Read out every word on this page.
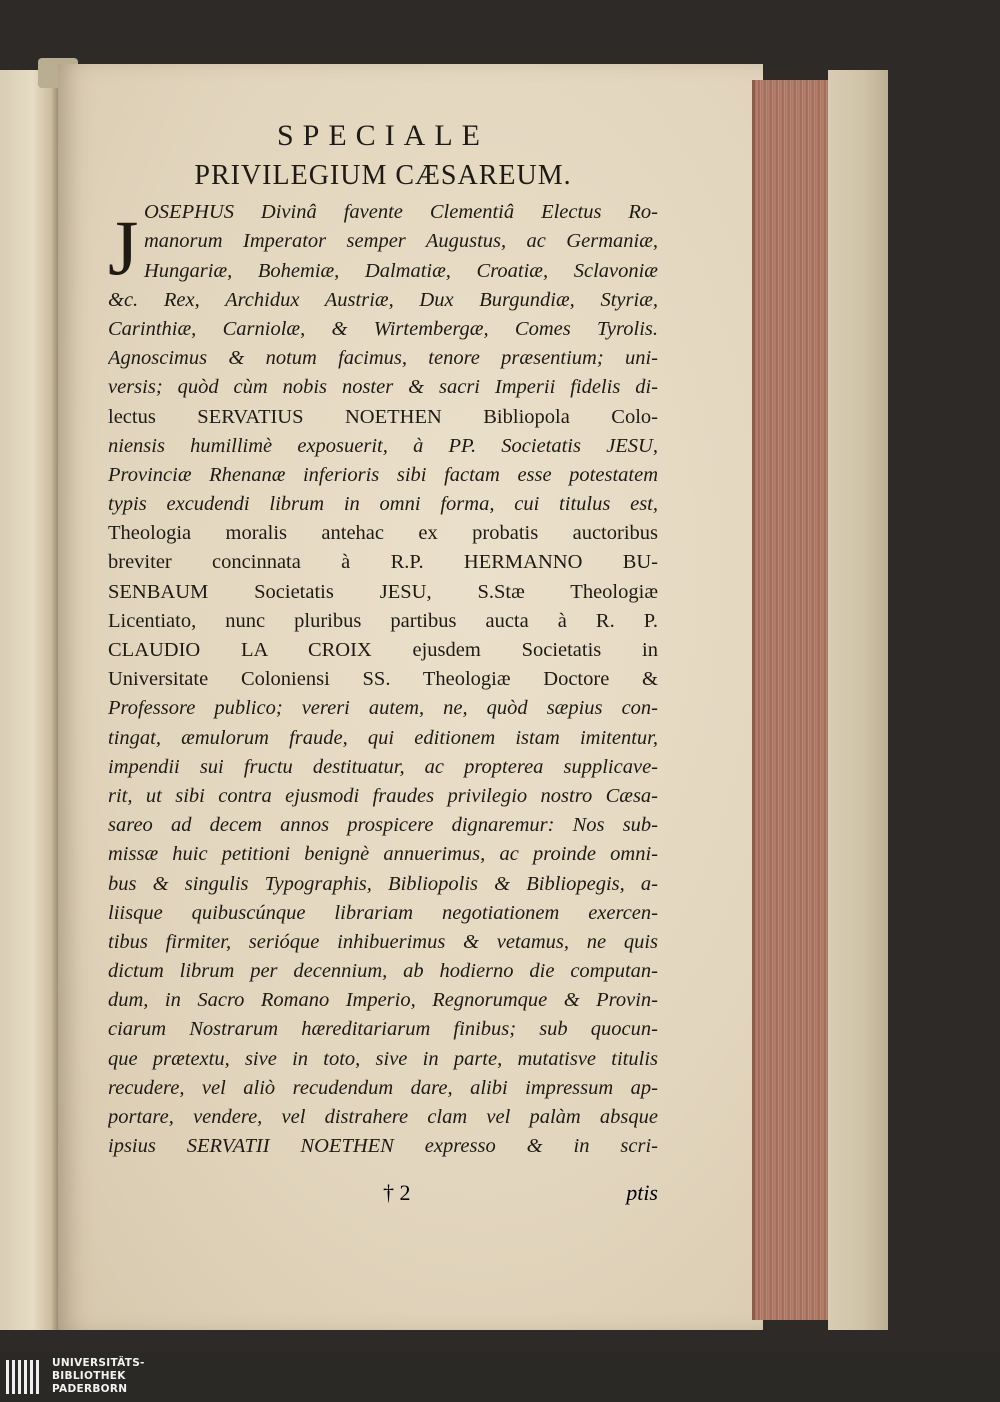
SPECIALE
PRIVILEGIUM CÆSAREUM.
J OSEPHUS Divinâ favente Clementiâ Electus Ro-
manorum Imperator semper Augustus, ac Germaniæ,
Hungariæ, Bohemiæ, Dalmatiæ, Croatiæ, Sclavoniæ
&c. Rex, Archidux Austriæ, Dux Burgundiæ, Styriæ,
Carinthiæ, Carniolæ, & Wirtembergæ, Comes Tyrolis.
Agnoscimus & notum facimus, tenore præsentium; uni-
versis; quòd cùm nobis noster & sacri Imperii fidelis di-
lectus SERVATIUS NOETHEN Bibliopola Colo-
niensis humillimè exposuerit, à PP. Societatis JESU,
Provinciæ Rhenanæ inferioris sibi factam esse potestatem
typis excudendi librum in omni forma, cui titulus est,
Theologia moralis antehac ex probatis auctoribus
breviter concinnata à R.P. HERMANNO BU-
SENBAUM Societatis JESU, S.Stæ Theologiæ
Licentiato, nunc pluribus partibus aucta à R. P.
CLAUDIO LA CROIX ejusdem Societatis in
Universitate Coloniensi SS. Theologiæ Doctore &
Professore publico; vereri autem, ne, quòd sæpius con-
tingat, æmulorum fraude, qui editionem istam imitentur,
impendii sui fructu destituatur, ac propterea supplicave-
rit, ut sibi contra ejusmodi fraudes privilegio nostro Cæsa-
sareo ad decem annos prospicere dignaremur: Nos sub-
missæ huic petitioni benignè annuerimus, ac proinde omni-
bus & singulis Typographis, Bibliopolis & Bibliopegis, a-
liisque quibuscúnque librariam negotiationem exercen-
tibus firmiter, serióque inhibuerimus & vetamus, ne quis
dictum librum per decennium, ab hodierno die computan-
dum, in Sacro Romano Imperio, Regnorumque & Provin-
ciarum Nostrarum hæreditariarum finibus; sub quocun-
que prætextu, sive in toto, sive in parte, mutatisve titulis
recudere, vel aliò recudendum dare, alibi impressum ap-
portare, vendere, vel distrahere clam vel palàm absque
ipsius SERVATII NOETHEN expresso & in scri-
† 2	ptis
UNIVERSITÄTS-
BIBLIOTHEK
PADERBORN
